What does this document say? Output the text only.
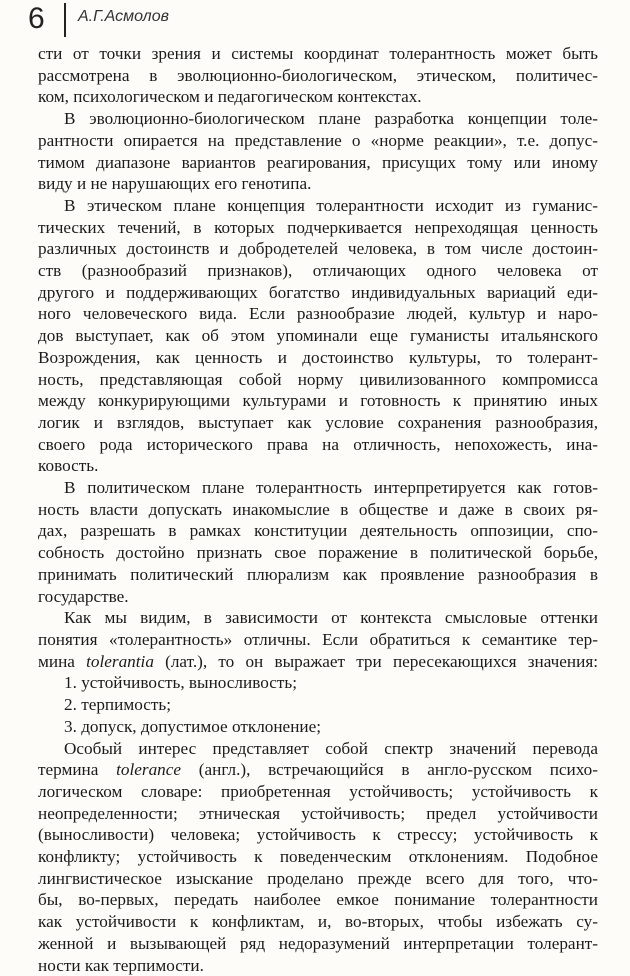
6 А.Г.Асмолов
сти от точки зрения и системы координат толерантность может быть
рассмотрена в эволюционно-биологическом, этическом, политичес-
ком, психологическом и педагогическом контекстах.
В эволюционно-биологическом плане разработка концепции толе-
рантности опирается на представление о «норме реакции», т.е. допус-
тимом диапазоне вариантов реагирования, присущих тому или иному
виду и не нарушающих его генотипа.
В этическом плане концепция толерантности исходит из гуманис-
тических течений, в которых подчеркивается непреходящая ценность
различных достоинств и добродетелей человека, в том числе достоин-
ств (разнообразий признаков), отличающих одного человека от
другого и поддерживающих богатство индивидуальных вариаций еди-
ного человеческого вида. Если разнообразие людей, культур и наро-
дов выступает, как об этом упоминали еще гуманисты итальянского
Возрождения, как ценность и достоинство культуры, то толерант-
ность, представляющая собой норму цивилизованного компромисса
между конкурирующими культурами и готовность к принятию иных
логик и взглядов, выступает как условие сохранения разнообразия,
своего рода исторического права на отличность, непохожесть, ина-
ковость.
В политическом плане толерантность интерпретируется как готов-
ность власти допускать инакомыслие в обществе и даже в своих ря-
дах, разрешать в рамках конституции деятельность оппозиции, спо-
собность достойно признать свое поражение в политической борьбе,
принимать политический плюрализм как проявление разнообразия в
государстве.
Как мы видим, в зависимости от контекста смысловые оттенки
понятия «толерантность» отличны. Если обратиться к семантике тер-
мина tolerantia (лат.), то он выражает три пересекающихся значения:
1. устойчивость, выносливость;
2. терпимость;
3. допуск, допустимое отклонение;
Особый интерес представляет собой спектр значений перевода
термина tolerance (англ.), встречающийся в англо-русском психо-
логическом словаре: приобретенная устойчивость; устойчивость к
неопределенности; этническая устойчивость; предел устойчивости
(выносливости) человека; устойчивость к стрессу; устойчивость к
конфликту; устойчивость к поведенческим отклонениям. Подобное
лингвистическое изыскание проделано прежде всего для того, что-
бы, во-первых, передать наиболее емкое понимание толерантности
как устойчивости к конфликтам, и, во-вторых, чтобы избежать су-
женной и вызывающей ряд недоразумений интерпретации толерант-
ности как терпимости.
